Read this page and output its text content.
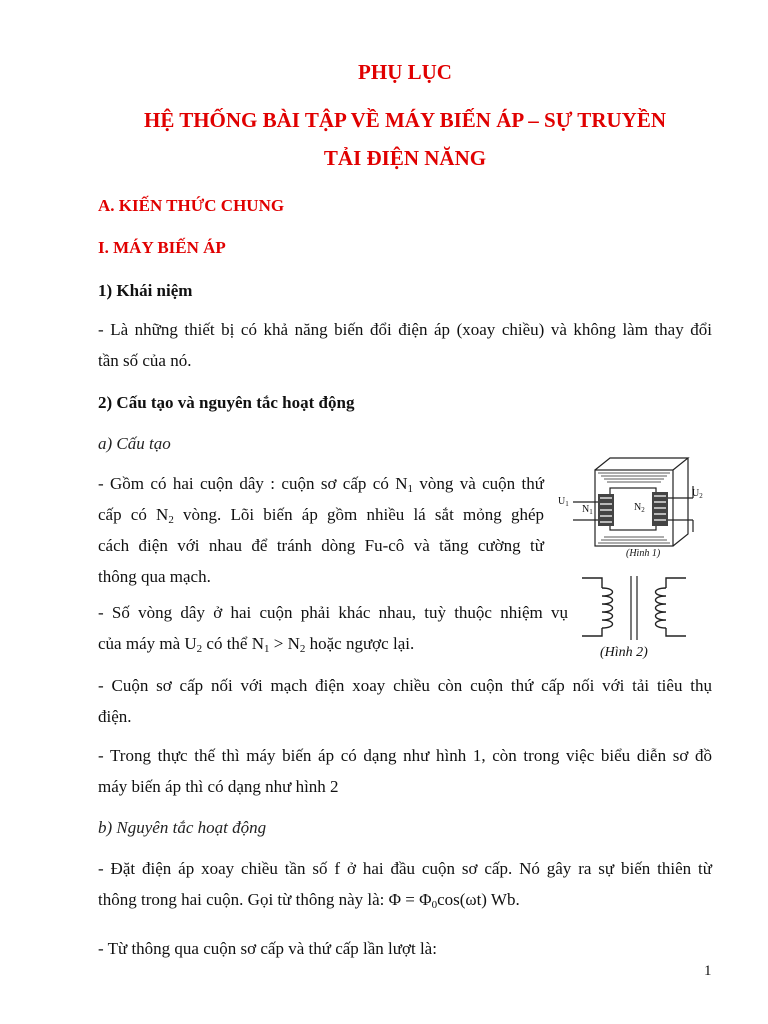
PHỤ LỤC
HỆ THỐNG BÀI TẬP VỀ MÁY BIẾN ÁP – SỰ TRUYỀN
TẢI ĐIỆN NĂNG
A. KIẾN THỨC CHUNG
I. MÁY BIẾN ÁP
1) Khái niệm
- Là những thiết bị có khả năng biến đổi điện áp (xoay chiều) và không làm thay đổi
tần số của nó.
2) Cấu tạo và nguyên tắc hoạt động
a) Cấu tạo
- Gồm có hai cuộn dây : cuộn sơ cấp có $N_1$ vòng và cuộn thứ
cấp có $N_2$ vòng. Lõi biến áp gồm nhiều lá sắt mỏng ghép
cách điện với nhau để tránh dòng Fu-cô và tăng cường từ
thông qua mạch.
- Số vòng dây ở hai cuộn phải khác nhau, tuỳ thuộc nhiệm vụ
của máy mà $U_2$ có thể $N_1 > N_2$ hoặc ngược lại.
- Cuộn sơ cấp nối với mạch điện xoay chiều còn cuộn thứ cấp nối với tải tiêu thụ
điện.
- Trong thực thế thì máy biến áp có dạng như hình 1, còn trong việc biểu diễn sơ đồ
máy biến áp thì có dạng như hình 2
b) Nguyên tắc hoạt động
- Đặt điện áp xoay chiều tần số f ở hai đầu cuộn sơ cấp. Nó gây ra sự biến thiên từ
thông trong hai cuộn. Gọi từ thông này là: $\Phi = \Phi_0\cos(\omega t)$ Wb.
- Từ thông qua cuộn sơ cấp và thứ cấp lần lượt là:
$U_1$
$U_2$
$N_1$	$N_2$
(Hình 1)
(Hình 2)
1
